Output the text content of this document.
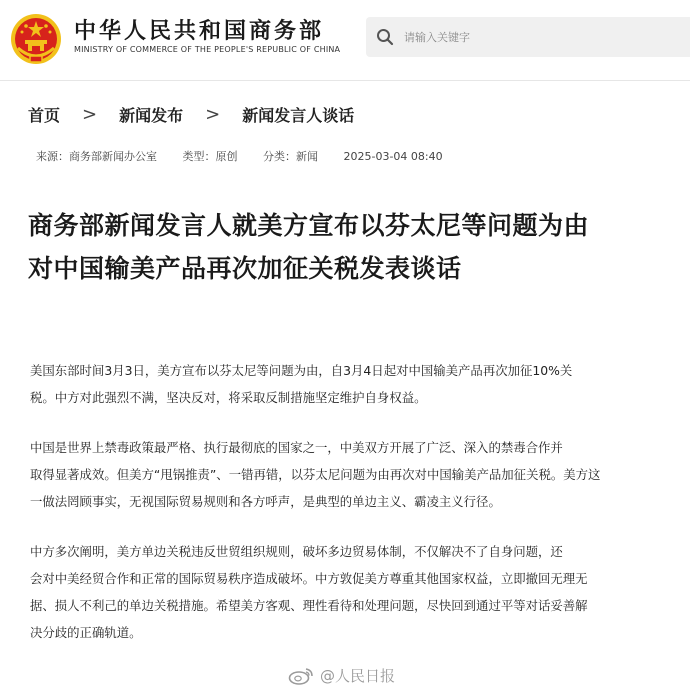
中华人民共和国商务部
MINISTRY OF COMMERCE OF THE PEOPLE'S REPUBLIC OF CHINA
请输入关键字
首页 > 新闻发布 > 新闻发言人谈话
来源：商务部新闻办公室 类型：原创 分类：新闻 2025-03-04 08:40
商务部新闻发言人就美方宣布以芬太尼等问题为由
对中国输美产品再次加征关税发表谈话

美国东部时间3月3日，美方宣布以芬太尼等问题为由，自3月4日起对中国输美产品再次加征10%关
税。中方对此强烈不满，坚决反对，将采取反制措施坚定维护自身权益。

中国是世界上禁毒政策最严格、执行最彻底的国家之一，中美双方开展了广泛、深入的禁毒合作并
取得显著成效。但美方“甩锅推责”、一错再错，以芬太尼问题为由再次对中国输美产品加征关税。美方这
一做法罔顾事实，无视国际贸易规则和各方呼声，是典型的单边主义、霸凌主义行径。

中方多次阐明，美方单边关税违反世贸组织规则，破坏多边贸易体制，不仅解决不了自身问题，还
会对中美经贸合作和正常的国际贸易秩序造成破坏。中方敦促美方尊重其他国家权益，立即撤回无理无
据、损人不利己的单边关税措施。希望美方客观、理性看待和处理问题，尽快回到通过平等对话妥善解
决分歧的正确轨道。

@人民日报
